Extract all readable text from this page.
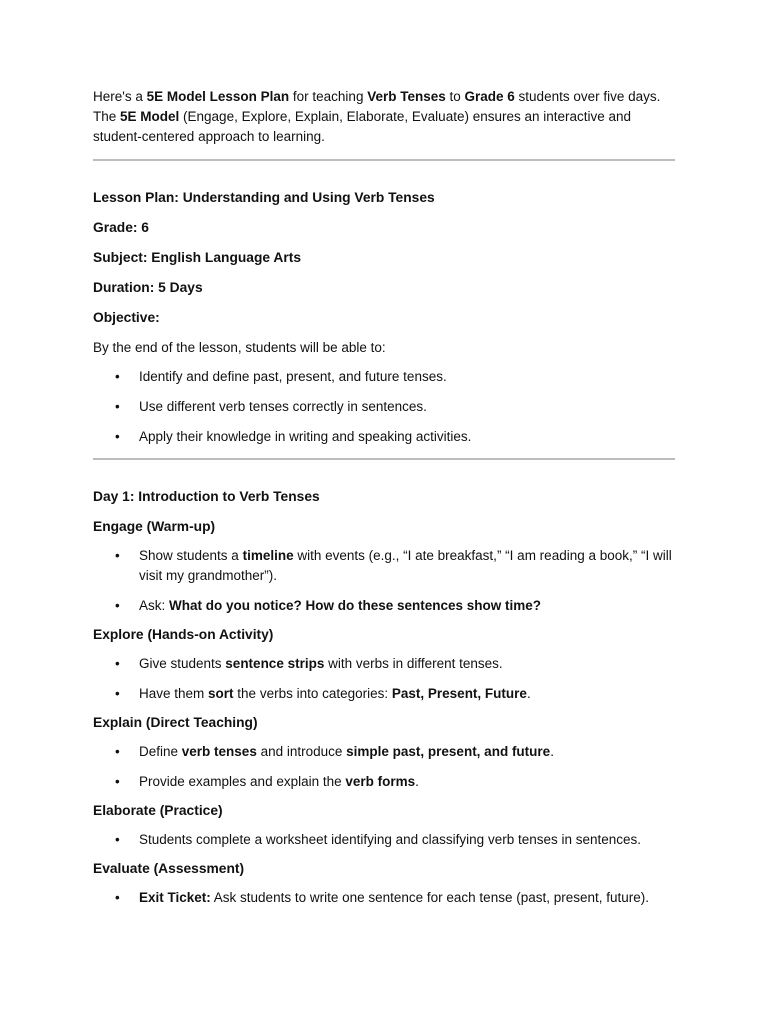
Here's a 5E Model Lesson Plan for teaching Verb Tenses to Grade 6 students over five days.

The 5E Model (Engage, Explore, Explain, Elaborate, Evaluate) ensures an interactive and student-centered approach to learning.

Lesson Plan: Understanding and Using Verb Tenses

Grade: 6

Subject: English Language Arts

Duration: 5 Days

Objective:

By the end of the lesson, students will be able to:

• Identify and define past, present, and future tenses.
• Use different verb tenses correctly in sentences.
• Apply their knowledge in writing and speaking activities.

Day 1: Introduction to Verb Tenses

Engage (Warm-up)

• Show students a timeline with events (e.g., “I ate breakfast,” “I am reading a book,” “I will visit my grandmother”).
• Ask: What do you notice? How do these sentences show time?

Explore (Hands-on Activity)

• Give students sentence strips with verbs in different tenses.
• Have them sort the verbs into categories: Past, Present, Future.

Explain (Direct Teaching)

• Define verb tenses and introduce simple past, present, and future.
• Provide examples and explain the verb forms.

Elaborate (Practice)

• Students complete a worksheet identifying and classifying verb tenses in sentences.

Evaluate (Assessment)

• Exit Ticket: Ask students to write one sentence for each tense (past, present, future).
